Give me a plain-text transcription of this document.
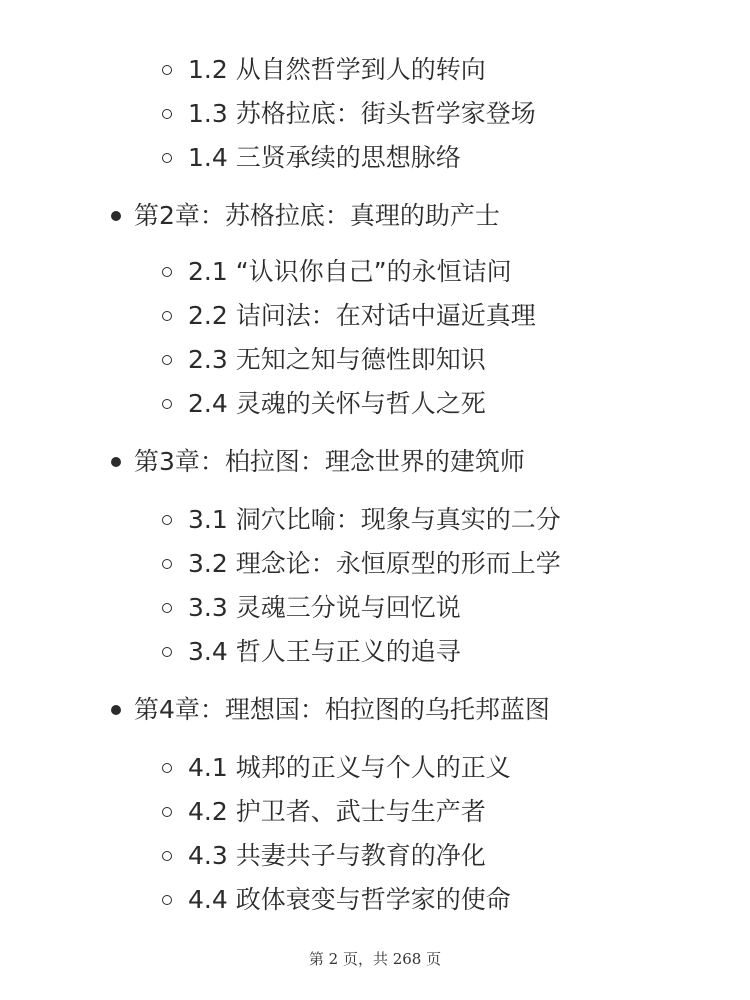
1.2 从自然哲学到人的转向
1.3 苏格拉底：街头哲学家登场
1.4 三贤承续的思想脉络
第2章：苏格拉底：真理的助产士
2.1 “认识你自己”的永恒诘问
2.2 诘问法：在对话中逼近真理
2.3 无知之知与德性即知识
2.4 灵魂的关怀与哲人之死
第3章：柏拉图：理念世界的建筑师
3.1 洞穴比喻：现象与真实的二分
3.2 理念论：永恒原型的形而上学
3.3 灵魂三分说与回忆说
3.4 哲人王与正义的追寻
第4章：理想国：柏拉图的乌托邦蓝图
4.1 城邦的正义与个人的正义
4.2 护卫者、武士与生产者
4.3 共妻共子与教育的净化
4.4 政体衰变与哲学家的使命
第 2 页，共 268 页
